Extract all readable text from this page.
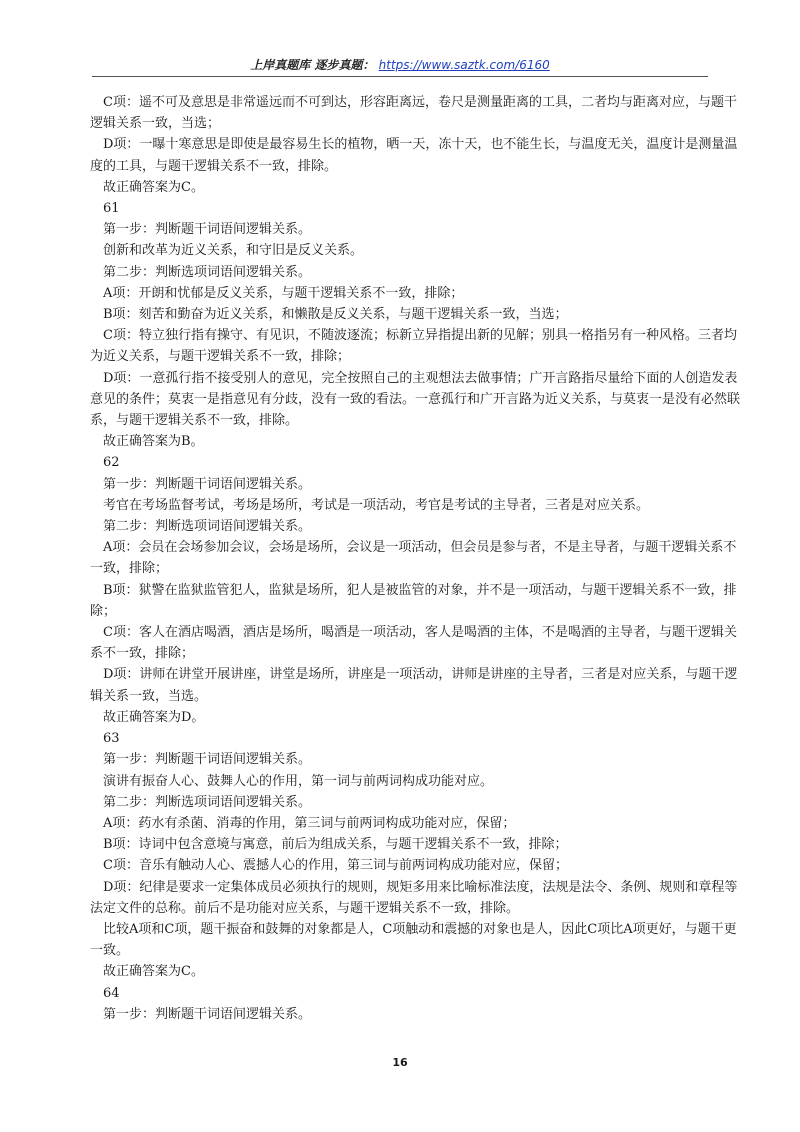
上岸真题库 逐步真题： https://www.saztk.com/6160

　C项：遥不可及意思是非常遥远而不可到达，形容距离远，卷尺是测量距离的工具，二者均与距离对应，与题干逻辑关系一致，当选；

　D项：一曝十寒意思是即使是最容易生长的植物，晒一天，冻十天，也不能生长，与温度无关，温度计是测量温度的工具，与题干逻辑关系不一致，排除。

　故正确答案为C。

　61

　第一步：判断题干词语间逻辑关系。

　创新和改革为近义关系，和守旧是反义关系。

　第二步：判断选项词语间逻辑关系。

　A项：开朗和忧郁是反义关系，与题干逻辑关系不一致，排除；

　B项：刻苦和勤奋为近义关系，和懒散是反义关系，与题干逻辑关系一致，当选；

　C项：特立独行指有操守、有见识，不随波逐流；标新立异指提出新的见解；别具一格指另有一种风格。三者均为近义关系，与题干逻辑关系不一致，排除；

　D项：一意孤行指不接受别人的意见，完全按照自己的主观想法去做事情；广开言路指尽量给下面的人创造发表意见的条件；莫衷一是指意见有分歧，没有一致的看法。一意孤行和广开言路为近义关系，与莫衷一是没有必然联系，与题干逻辑关系不一致，排除。

　故正确答案为B。

　62

　第一步：判断题干词语间逻辑关系。

　考官在考场监督考试，考场是场所，考试是一项活动，考官是考试的主导者，三者是对应关系。

　第二步：判断选项词语间逻辑关系。

　A项：会员在会场参加会议，会场是场所，会议是一项活动，但会员是参与者，不是主导者，与题干逻辑关系不一致，排除；

　B项：狱警在监狱监管犯人，监狱是场所，犯人是被监管的对象，并不是一项活动，与题干逻辑关系不一致，排除；

　C项：客人在酒店喝酒，酒店是场所，喝酒是一项活动，客人是喝酒的主体，不是喝酒的主导者，与题干逻辑关系不一致，排除；

　D项：讲师在讲堂开展讲座，讲堂是场所，讲座是一项活动，讲师是讲座的主导者，三者是对应关系，与题干逻辑关系一致，当选。

　故正确答案为D。

　63

　第一步：判断题干词语间逻辑关系。

　演讲有振奋人心、鼓舞人心的作用，第一词与前两词构成功能对应。

　第二步：判断选项词语间逻辑关系。

　A项：药水有杀菌、消毒的作用，第三词与前两词构成功能对应，保留；

　B项：诗词中包含意境与寓意，前后为组成关系，与题干逻辑关系不一致，排除；

　C项：音乐有触动人心、震撼人心的作用，第三词与前两词构成功能对应，保留；

　D项：纪律是要求一定集体成员必须执行的规则，规矩多用来比喻标准法度，法规是法令、条例、规则和章程等法定文件的总称。前后不是功能对应关系，与题干逻辑关系不一致，排除。

　比较A项和C项，题干振奋和鼓舞的对象都是人，C项触动和震撼的对象也是人，因此C项比A项更好，与题干更一致。

　故正确答案为C。

　64

　第一步：判断题干词语间逻辑关系。

16
